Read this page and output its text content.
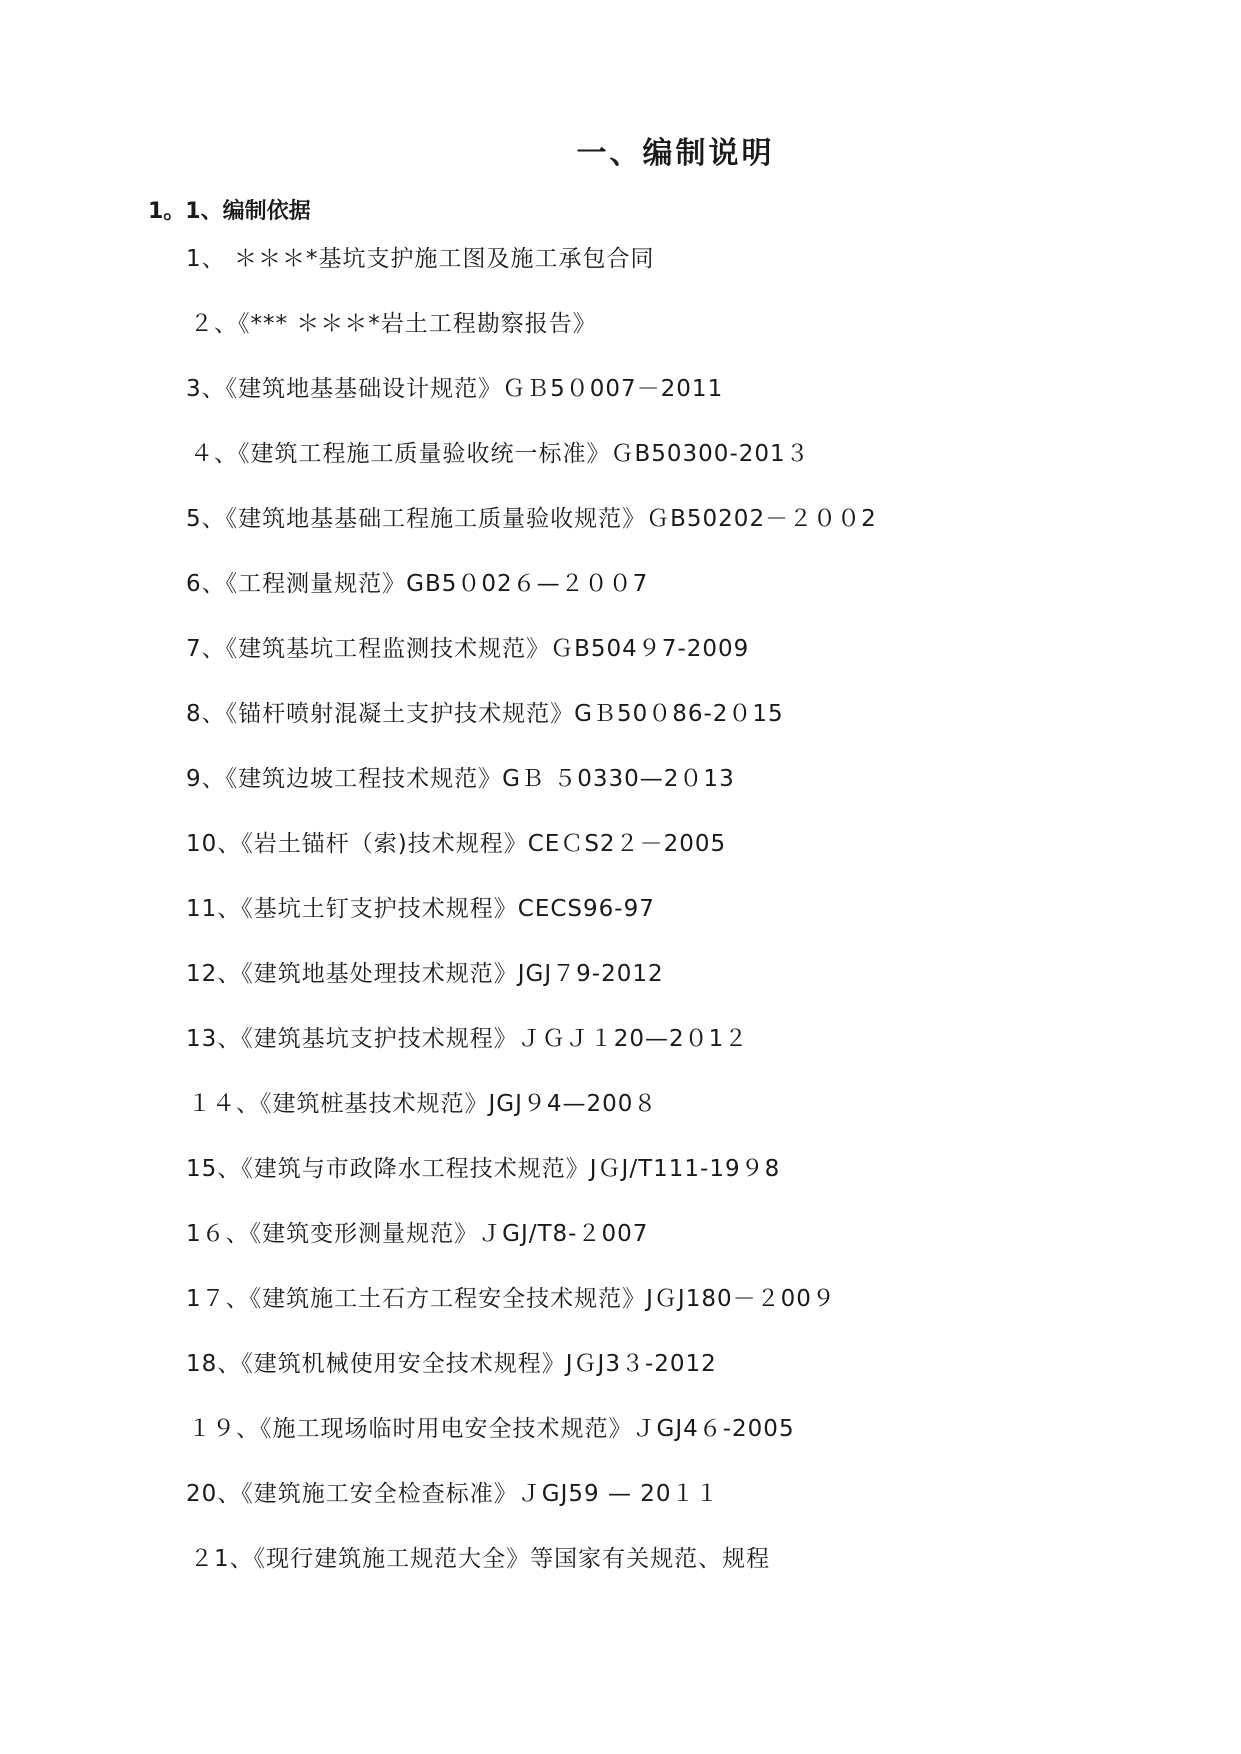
一、编制说明
1。1、编制依据
1、 ＊＊＊*基坑支护施工图及施工承包合同
２、《*** ＊＊＊*岩土工程勘察报告》
3、《建筑地基基础设计规范》ＧＢ5０007－2011
４、《建筑工程施工质量验收统一标准》ＧB50300-201３
5、《建筑地基基础工程施工质量验收规范》ＧB50202－２００2
6、《工程测量规范》GB5０02６—２００7
7、《建筑基坑工程监测技术规范》ＧB504９7-2009
8、《锚杆喷射混凝土支护技术规范》GＢ50０86-2０15
9、《建筑边坡工程技术规范》GＢ ５0330—2０13
10、《岩土锚杆（索)技术规程》CEＣS2２－2005
11、《基坑土钉支护技术规程》CECS96-97
12、《建筑地基处理技术规范》JGJ７9-2012
13、《建筑基坑支护技术规程》ＪＧＪ１20—2０1２
１４、《建筑桩基技术规范》JGJ９4—200８
15、《建筑与市政降水工程技术规范》JＧJ/T111-19９8
1６、《建筑变形测量规范》ＪGJ/T8-２007
1７、《建筑施工土石方工程安全技术规范》JＧJ180－２00９
18、《建筑机械使用安全技术规程》JＧJ3３-2012
１９、《施工现场临时用电安全技术规范》ＪGJ4６-2005
20、《建筑施工安全检查标准》ＪGJ59 — 20１１
２1、《现行建筑施工规范大全》等国家有关规范、规程
